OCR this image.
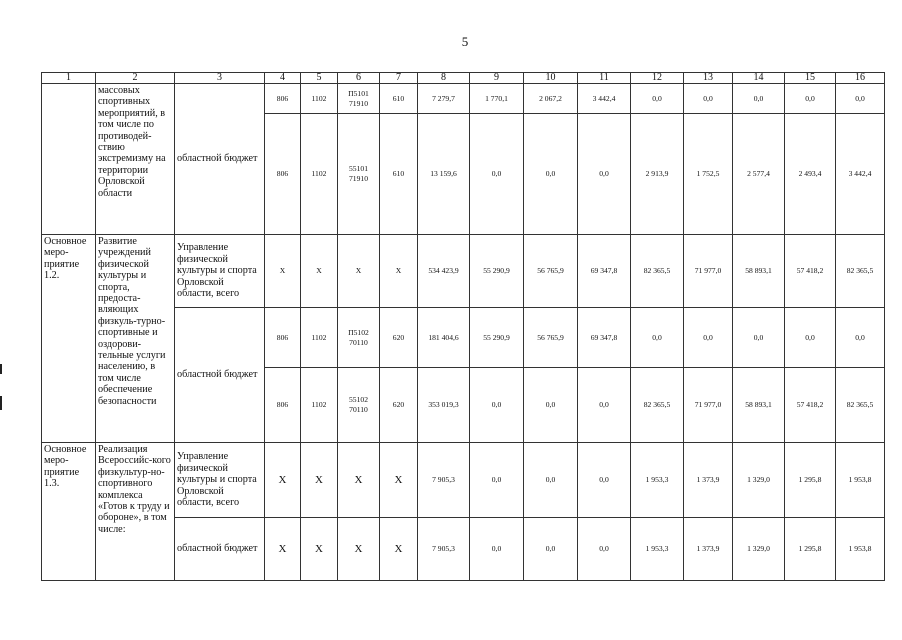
5
1	2	3	4	5	6	7	8	9	10	11	12	13	14	15	16
	массовых спортивных мероприятий, в том числе по противодей-ствию экстремизму на территории Орловской области	областной бюджет	806	1102	П5101 71910	610	7 279,7	1 770,1	2 067,2	3 442,4	0,0	0,0	0,0	0,0	0,0
			806	1102	55101 71910	610	13 159,6	0,0	0,0	0,0	2 913,9	1 752,5	2 577,4	2 493,4	3 442,4
Основное меро-приятие 1.2.	Развитие учреждений физической культуры и спорта, предоста-вляющих физкуль-турно-спортивные и оздорови-тельные услуги населению, в том числе обеспечение безопасности	Управление физической культуры и спорта Орловской области, всего	Х	Х	Х	Х	534 423,9	55 290,9	56 765,9	69 347,8	82 365,5	71 977,0	58 893,1	57 418,2	82 365,5
		областной бюджет	806	1102	П5102 70110	620	181 404,6	55 290,9	56 765,9	69 347,8	0,0	0,0	0,0	0,0	0,0
			806	1102	55102 70110	620	353 019,3	0,0	0,0	0,0	82 365,5	71 977,0	58 893,1	57 418,2	82 365,5
Основное меро-приятие 1.3.	Реализация Всероссийс-кого физкультур-но-спортивного комплекса «Готов к труду и обороне», в том числе:	Управление физической культуры и спорта Орловской области, всего	Х	Х	Х	Х	7 905,3	0,0	0,0	0,0	1 953,3	1 373,9	1 329,0	1 295,8	1 953,8
		областной бюджет	Х	Х	Х	Х	7 905,3	0,0	0,0	0,0	1 953,3	1 373,9	1 329,0	1 295,8	1 953,8
